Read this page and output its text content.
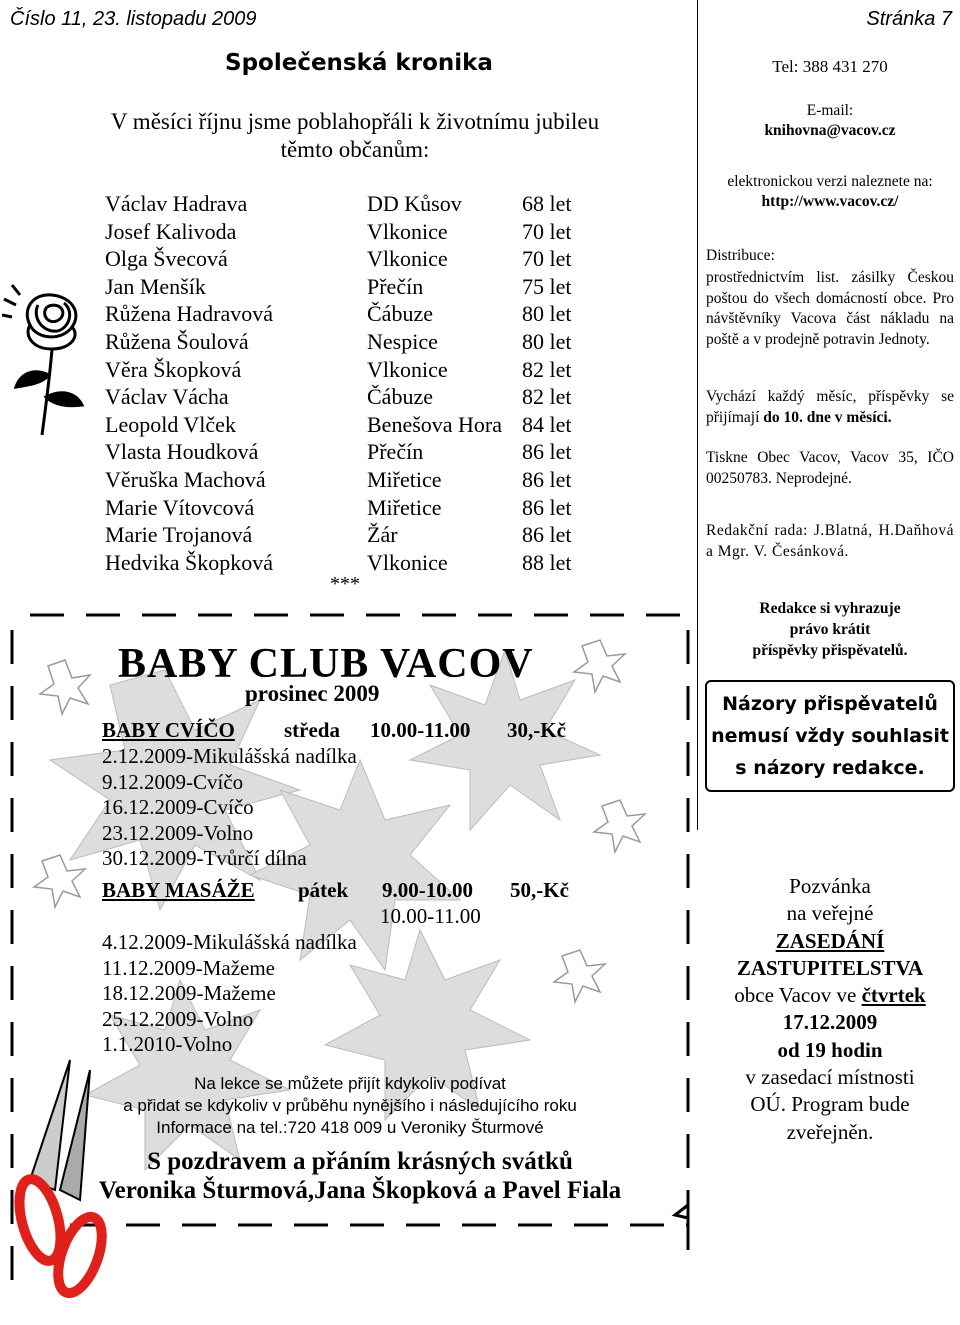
Číslo 11, 23. listopadu 2009	Stránka 7
Společenská kronika
V měsíci říjnu jsme poblahopřáli k životnímu jubileu
těmto občanům:
Václav Hadrava	DD Kůsov	68 let
Josef Kalivoda	Vlkonice	70 let
Olga Švecová	Vlkonice	70 let
Jan Menšík	Přečín	75 let
Růžena Hadravová	Čábuze	80 let
Růžena Šoulová	Nespice	80 let
Věra Škopková	Vlkonice	82 let
Václav Vácha	Čábuze	82 let
Leopold Vlček	Benešova Hora 84 let
Vlasta Houdková	Přečín	86 let
Věruška Machová	Miřetice	86 let
Marie Vítovcová	Miřetice	86 let
Marie Trojanová	Žár	86 let
Hedvika Škopková	Vlkonice	88 let
***
BABY CLUB VACOV
prosinec 2009
BABY CVÍČO středa 10.00-11.00 30,-Kč
2.12.2009-Mikulášská nadílka
9.12.2009-Cvíčo
16.12.2009-Cvíčo
23.12.2009-Volno
30.12.2009-Tvůrčí dílna
BABY MASÁŽE pátek 9.00-10.00 50,-Kč
10.00-11.00
4.12.2009-Mikulášská nadílka
11.12.2009-Mažeme
18.12.2009-Mažeme
25.12.2009-Volno
1.1.2010-Volno
Na lekce se můžete přijít kdykoliv podívat
a přidat se kdykoliv v průběhu nynějšího i následujícího roku
Informace na tel.:720 418 009 u Veroniky Šturmové
S pozdravem a přáním krásných svátků
Veronika Šturmová,Jana Škopková a Pavel Fiala
Tel: 388 431 270
E-mail:
knihovna@vacov.cz
elektronickou verzi naleznete na:
http://www.vacov.cz/
Distribuce:
prostřednictvím list. zásilky Českou poštou do všech domácností obce. Pro návštěvníky Vacova část nákladu na poště a v prodejně potravin Jednoty.
Vychází každý měsíc, příspěvky se přijímají do 10. dne v měsíci.
Tiskne Obec Vacov, Vacov 35, IČO 00250783. Neprodejné.
Redakční rada: J.Blatná, H.Daňhová a Mgr. V. Česánková.
Redakce si vyhrazuje
právo krátit
příspěvky přispěvatelů.
Názory přispěvatelů
nemusí vždy souhlasit
s názory redakce.
Pozvánka
na veřejné
ZASEDÁNÍ
ZASTUPITELSTVA
obce Vacov ve čtvrtek
17.12.2009
od 19 hodin
v zasedací místnosti
OÚ. Program bude
zveřejněn.
